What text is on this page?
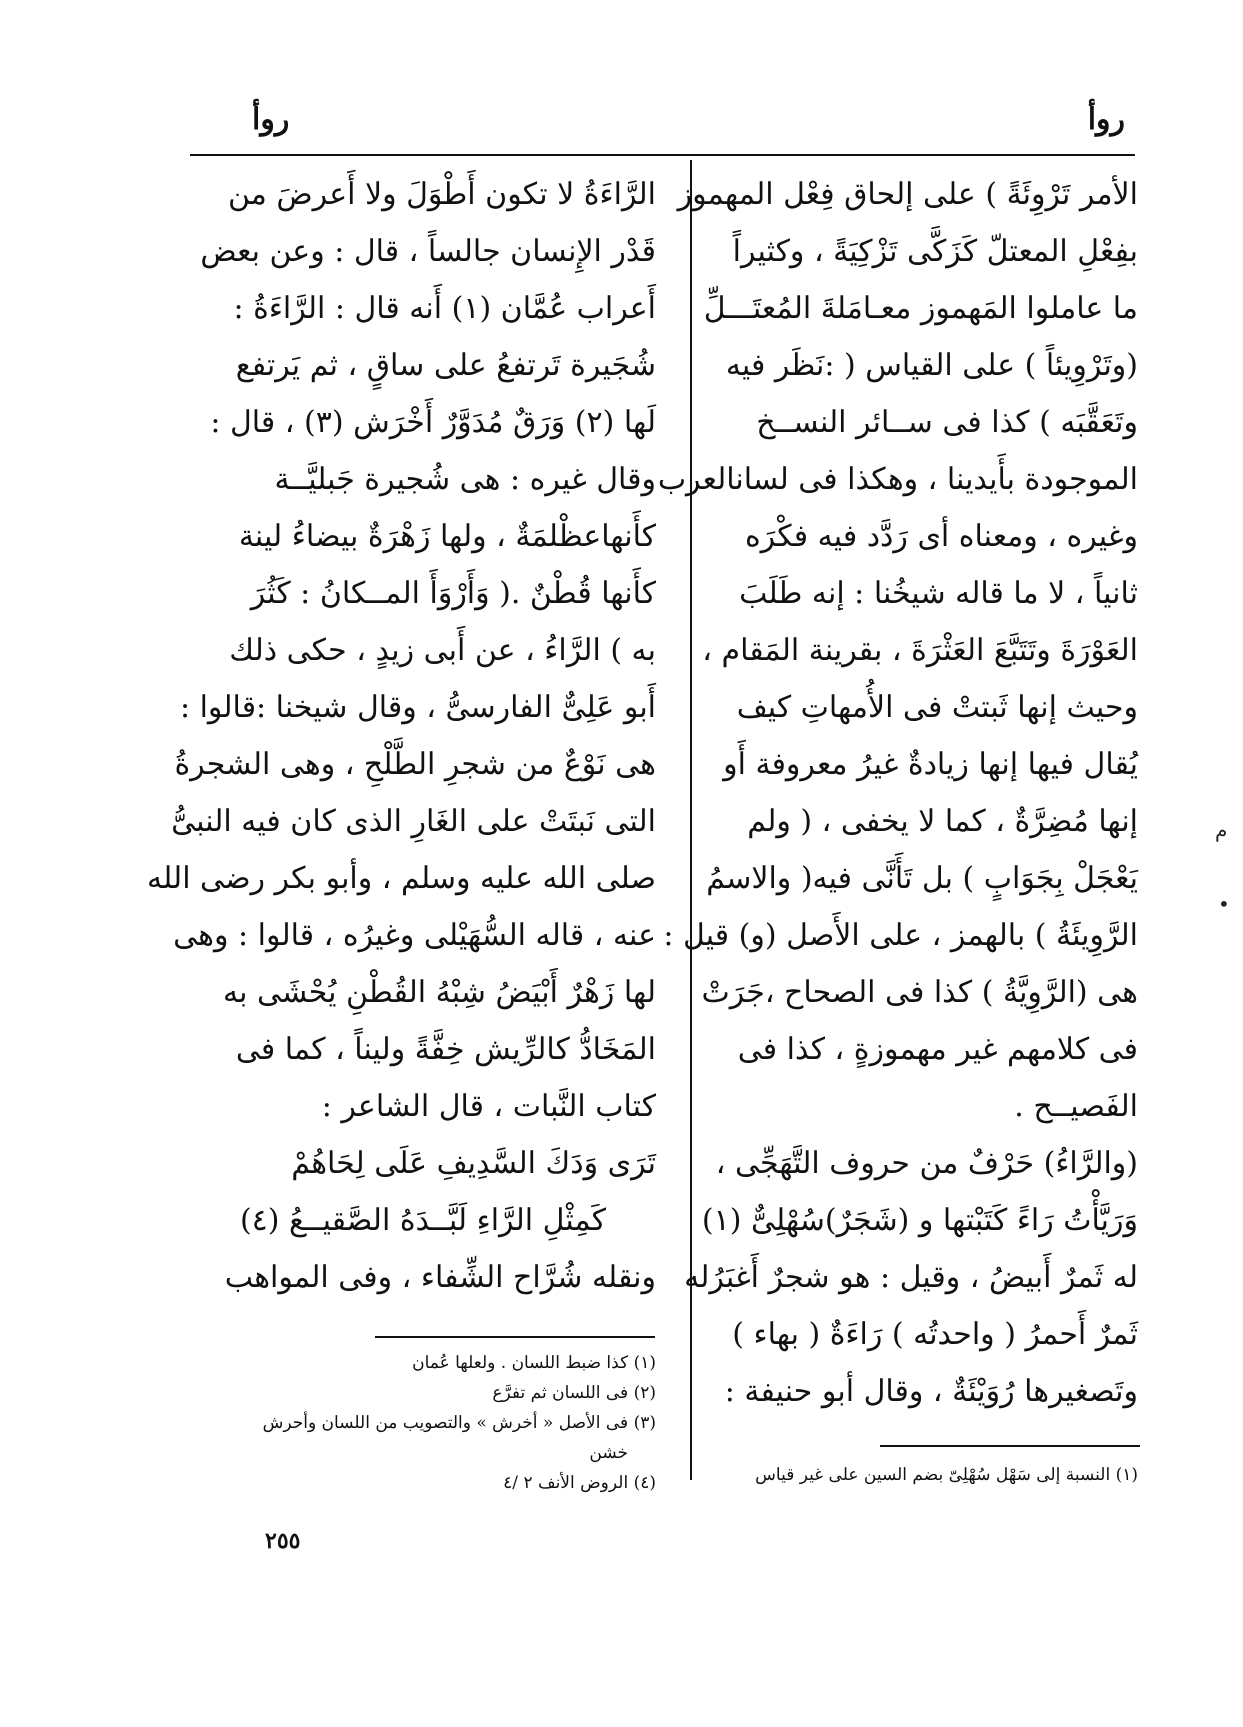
روأ
روأ
الأمر تَرْوِئَةً ) على إلحاق فِعْل المهموز
بفِعْلِ المعتلّ كَزَكَّى تَزْكِيَةً ، وكثيراً
ما عاملوا المَهموز معـامَلةَ المُعتَـــلِّ
(وتَرْوِيئاً ) على القياس ( :نَظَر فيه
وتَعَقَّبَه ) كذا فى ســائر النســخ
الموجودة بأَيدينا ، وهكذا فى لسانالعرب
وغيره ، ومعناه أى رَدَّد فيه فكْرَه
ثانياً ، لا ما قاله شيخُنا : إنه طَلَبَ
العَوْرَةَ وتَتَبَّعَ العَثْرَةَ ، بقرينة المَقام ،
وحيث إنها ثَبتتْ فى الأُمهاتِ كيف
يُقال فيها إنها زيادةٌ غيرُ معروفة أَو
إنها مُضِرَّةٌ ، كما لا يخفى ، ( ولم
يَعْجَلْ بِجَوَابٍ ) بل تَأَنَّى فيه( والاسمُ
الرَّوِيئَةُ ) بالهمز ، على الأَصل (و) قيل :
هى (الرَّوِيَّةُ ) كذا فى الصحاح ،جَرَتْ
فى كلامهم غير مهموزةٍ ، كذا فى
الفَصيــح .
(والرَّاءُ) حَرْفٌ من حروف التَّهَجِّى ،
وَرَيَّأْتُ رَاءً كَتَبْتها و (شَجَرٌ)سُهْلِىٌّ (١)
له ثَمرٌ أَبيضُ ، وقيل : هو شجرٌ أَغبَرُله
ثَمرٌ أَحمرُ ( واحدتُه ) رَاءَةٌ ( بهاء )
وتَصغيرها رُوَيْئَةٌ ، وقال أبو حنيفة :
الرَّاءَةُ لا تكون أَطْوَلَ ولا أَعرضَ من
قَدْر الإِنسان جالساً ، قال : وعن بعض
أَعراب عُمَّان (١) أَنه قال : الرَّاءَةُ :
شُجَيرة تَرتفعُ على ساقٍ ، ثم يَرتفع
لَها (٢) وَرَقٌ مُدَوَّرٌ أَخْرَش (٣) ، قال :
وقال غيره : هى شُجيرة جَبليَّــة
كأَنهاعظْلمَةٌ ، ولها زَهْرَةٌ بيضاءُ لينة
كأَنها قُطْنٌ .( وَأَرْوَأَ المــكانُ : كَثُرَ
به ) الرَّاءُ ، عن أَبى زيدٍ ، حكى ذلك
أَبو عَلِىٌّ الفارسىُّ ، وقال شيخنا :قالوا :
هى نَوْعٌ من شجرِ الطَّلْحِ ، وهى الشجرةُ
التى نَبتَتْ على الغَارِ الذى كان فيه النبىُّ
صلى الله عليه وسلم ، وأبو بكر رضى الله
عنه ، قاله السُّهَيْلى وغيرُه ، قالوا : وهى
لها زَهْرٌ أَبْيَضُ شِبْهُ القُطْنِ يُحْشَى به
المَخَادُّ كالرِّيش خِفَّةً وليناً ، كما فى
كتاب النَّبات ، قال الشاعر :
تَرَى وَدَكَ السَّدِيفِ عَلَى لِحَاهُمْ
كَمِثْلِ الرَّاءِ لَبَّــدَهُ الصَّقيــعُ (٤)
ونقله شُرَّاح الشِّفاء ، وفى المواهب
(١) النسبة إلى سَهْل سُهْلِىّ بضم السين على غير قياس
(١) كذا ضبط اللسان . ولعلها عُمان
(٢) فى اللسان ثم تفرَّع
(٣) فى الأصل « أخرش » والتصويب من اللسان وأحرش
خشن
(٤) الروض الأنف ٢ /٤
٢٥٥
م
•
